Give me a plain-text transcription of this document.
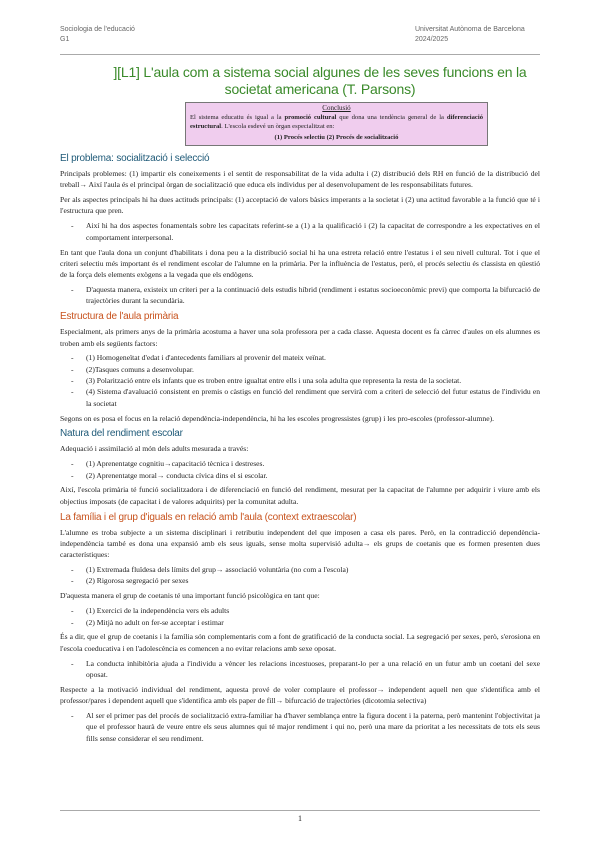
Sociologia de l'educació
G1
Universitat Autònoma de Barcelona
2024/2025
][L1] L'aula com a sistema social algunes de les seves funcions en la societat americana (T. Parsons)
Conclusió
El sistema educatiu és igual a la promoció cultural que dona una tendència general de la diferenciació estructural. L'escola esdevé un òrgan especialitzat en:
(1) Procés selectiu (2) Procés de socialització
El problema: socialització i selecció

Principals problemes: (1) impartir els coneixements i el sentit de responsabilitat de la vida adulta i (2) distribució dels RH en funció de la distribució del treball→ Així l'aula és el principal òrgan de socialització que educa els individus per al desenvolupament de les responsabilitats futures.

Per als aspectes principals hi ha dues actituds principals: (1) acceptació de valors bàsics imperants a la societat i (2) una actitud favorable a la funció que té i l'estructura que pren.

- Així hi ha dos aspectes fonamentals sobre les capacitats referint-se a (1) a la qualificació i (2) la capacitat de correspondre a les expectatives en el comportament interpersonal.

En tant que l'aula dona un conjunt d'habilitats i dona peu a la distribució social hi ha una estreta relació entre l'estatus i el seu nivell cultural. Tot i que el criteri selectiu més important és el rendiment escolar de l'alumne en la primària. Per la influència de l'estatus, però, el procés selectiu és classista en qüestió de la força dels elements exògens a la vegada que els endògens.

- D'aquesta manera, existeix un criteri per a la continuació dels estudis híbrid (rendiment i estatus socioeconòmic previ) que comporta la bifurcació de trajectòries durant la secundària.
Estructura de l'aula primària

Especialment, als primers anys de la primària acostuma a haver una sola professora per a cada classe. Aquesta docent es fa càrrec d'aules on els alumnes es troben amb els següents factors:

- (1) Homogeneïtat d'edat i d'antecedents familiars al provenir del mateix veïnat.
- (2)Tasques comuns a desenvolupar.
- (3) Polarització entre els infants que es troben entre igualtat entre ells i una sola adulta que representa la resta de la societat.
- (4) Sistema d'avaluació consistent en premis o càstigs en funció del rendiment que servirà com a criteri de selecció del futur estatus de l'individu en la societat

Segons on es posa el focus en la relació dependència-independència, hi ha les escoles progressistes (grup) i les pro-escoles (professor-alumne).

Natura del rendiment escolar

Adequació i assimilació al món dels adults mesurada a través:

- (1) Aprenentatge cognitiu→capacitació tècnica i destreses.
- (2) Aprenentatge moral→ conducta cívica dins el si escolar.

Així, l'escola primària té funció socialitzadora i de diferenciació en funció del rendiment, mesurat per la capacitat de l'alumne per adquirir i viure amb els objectius imposats (de capacitat i de valores adquirits) per la comunitat adulta.

La família i el grup d'iguals en relació amb l'aula (context extraescolar)

L'alumne es troba subjecte a un sistema disciplinari i retributiu independent del que imposen a casa els pares. Però, en la contradicció dependència-independència també es dona una expansió amb els seus iguals, sense molta supervisió adulta→ els grups de coetanis que es formen presenten dues característiques:

- (1) Extremada fluïdesa dels límits del grup→ associació voluntària (no com a l'escola)
- (2) Rigorosa segregació per sexes

D'aquesta manera el grup de coetanis té una important funció psicològica en tant que:

- (1) Exercici de la independència vers els adults
- (2) Mitjà no adult on fer-se acceptar i estimar

És a dir, que el grup de coetanis i la família són complementaris com a font de gratificació de la conducta social. La segregació per sexes, però, s'erosiona en l'escola coeducativa i en l'adolescència es comencen a no evitar relacions amb sexe oposat.

- La conducta inhibitòria ajuda a l'individu a vèncer les relacions incestuoses, preparant-lo per a una relació en un futur amb un coetani del sexe oposat.

Respecte a la motivació individual del rendiment, aquesta prové de voler complaure el professor→ independent aquell nen que s'identifica amb el professor/pares i dependent aquell que s'identifica amb els paper de fill→ bifurcació de trajectòries (dicotomia selectiva)

- Al ser el primer pas del procés de socialització extra-familiar ha d'haver semblança entre la figura docent i la paterna, però mantenint l'objectivitat ja que el professor haurà de veure entre els seus alumnes qui té major rendiment i qui no, però una mare da prioritat a les necessitats de tots els seus fills sense considerar el seu rendiment.
1
